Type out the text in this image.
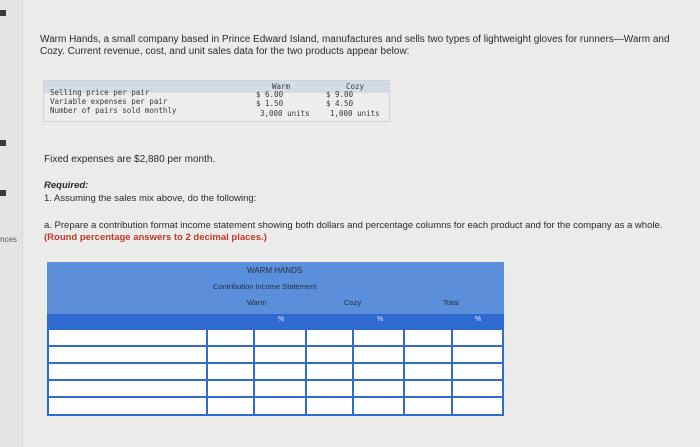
nces
Warm Hands, a small company based in Prince Edward Island, manufactures and sells two types of lightweight gloves for runners—Warm and Cozy. Current revenue, cost, and unit sales data for the two products appear below:
Warm	Cozy
Selling price per pair	$ 6.00	$ 9.00
Variable expenses per pair	$ 1.50	$ 4.50
Number of pairs sold monthly	3,000 units	1,000 units
Fixed expenses are $2,880 per month.
Required:
1. Assuming the sales mix above, do the following:
a. Prepare a contribution format income statement showing both dollars and percentage columns for each product and for the company as a whole. (Round percentage answers to 2 decimal places.)
WARM HANDS
Contribution Income Statement
Warm	Cozy	Total
%	%	%
